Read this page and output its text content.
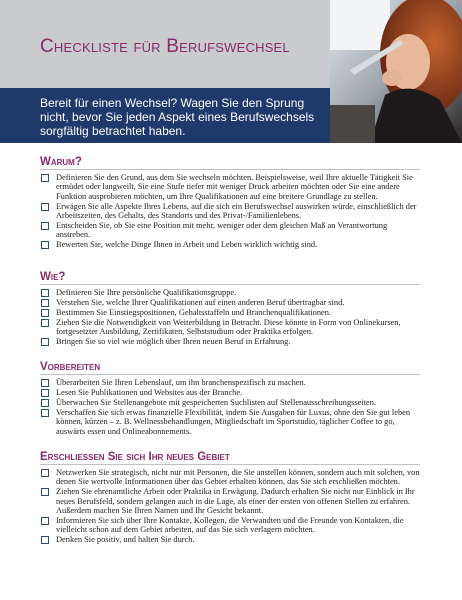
Checkliste für Berufswechsel
Bereit für einen Wechsel? Wagen Sie den Sprung nicht, bevor Sie jeden Aspekt eines Berufswechsels sorgfältig betrachtet haben.
Warum?
Definieren Sie den Grund, aus dem Sie wechseln möchten. Beispielsweise, weil Ihre aktuelle Tätigkeit Sie ermüdet oder langweilt, Sie eine Stufe tiefer mit weniger Druck arbeiten möchten oder Sie eine andere Funktion ausprobieren möchten, um Ihre Qualifikationen auf eine breitere Grundlage zu stellen.
Erwägen Sie alle Aspekte Ihres Lebens, auf die sich ein Berufswechsel auswirken würde, einschließlich der Arbeitszeiten, des Gehalts, des Standorts und des Privat-/Familienlebens.
Entscheiden Sie, ob Sie eine Position mit mehr, weniger oder dem gleichen Maß an Verantwortung anstreben.
Bewerten Sie, welche Dinge Ihnen in Arbeit und Leben wirklich wichtig sind.
Wie?
Definieren Sie Ihre persönliche Qualifikationsgruppe.
Verstehen Sie, welche Ihrer Qualifikationen auf einen anderen Beruf übertragbar sind.
Bestimmen Sie Einstiegspositionen, Gehaltsstaffeln und Branchenqualifikationen.
Ziehen Sie die Notwendigkeit von Weiterbildung in Betracht. Diese könnte in Form von Onlinekursen, fortgesetzter Ausbildung, Zertifikaten, Selbststudium oder Praktika erfolgen.
Bringen Sie so viel wie möglich über Ihren neuen Beruf in Erfahrung.
Vorbereiten
Überarbeiten Sie Ihren Lebenslauf, um ihn branchenspezifisch zu machen.
Lesen Sie Publikationen und Websites aus der Branche.
Überwachen Sie Stellenangebote mit gespeicherten Suchlisten auf Stellenausschreibungsseiten.
Verschaffen Sie sich etwas finanzielle Flexibilität, indem Sie Ausgaben für Luxus, ohne den Sie gut leben können, kürzen – z. B. Wellnessbehandlungen, Mitgliedschaft im Sportstudio, täglicher Coffee to go, auswärts essen und Onlineabonnements.
Erschließen Sie sich Ihr neues Gebiet
Netzwerken Sie strategisch, nicht nur mit Personen, die Sie anstellen können, sondern auch mit solchen, von denen Sie wertvolle Informationen über das Gebiet erhalten können, das Sie sich erschließen möchten.
Ziehen Sie ehrenamtliche Arbeit oder Praktika in Erwägung. Dadurch erhalten Sie nicht nur Einblick in Ihr neues Berufsfeld, sondern gelangen auch in die Lage, als einer der ersten von offenen Stellen zu erfahren. Außerdem machen Sie Ihren Namen und Ihr Gesicht bekannt.
Informieren Sie sich über Ihre Kontakte, Kollegen, die Verwandten und die Freunde von Kontakten, die vielleicht schon auf dem Gebiet arbeiten, auf das Sie sich verlagern möchten.
Denken Sie positiv, und halten Sie durch.
